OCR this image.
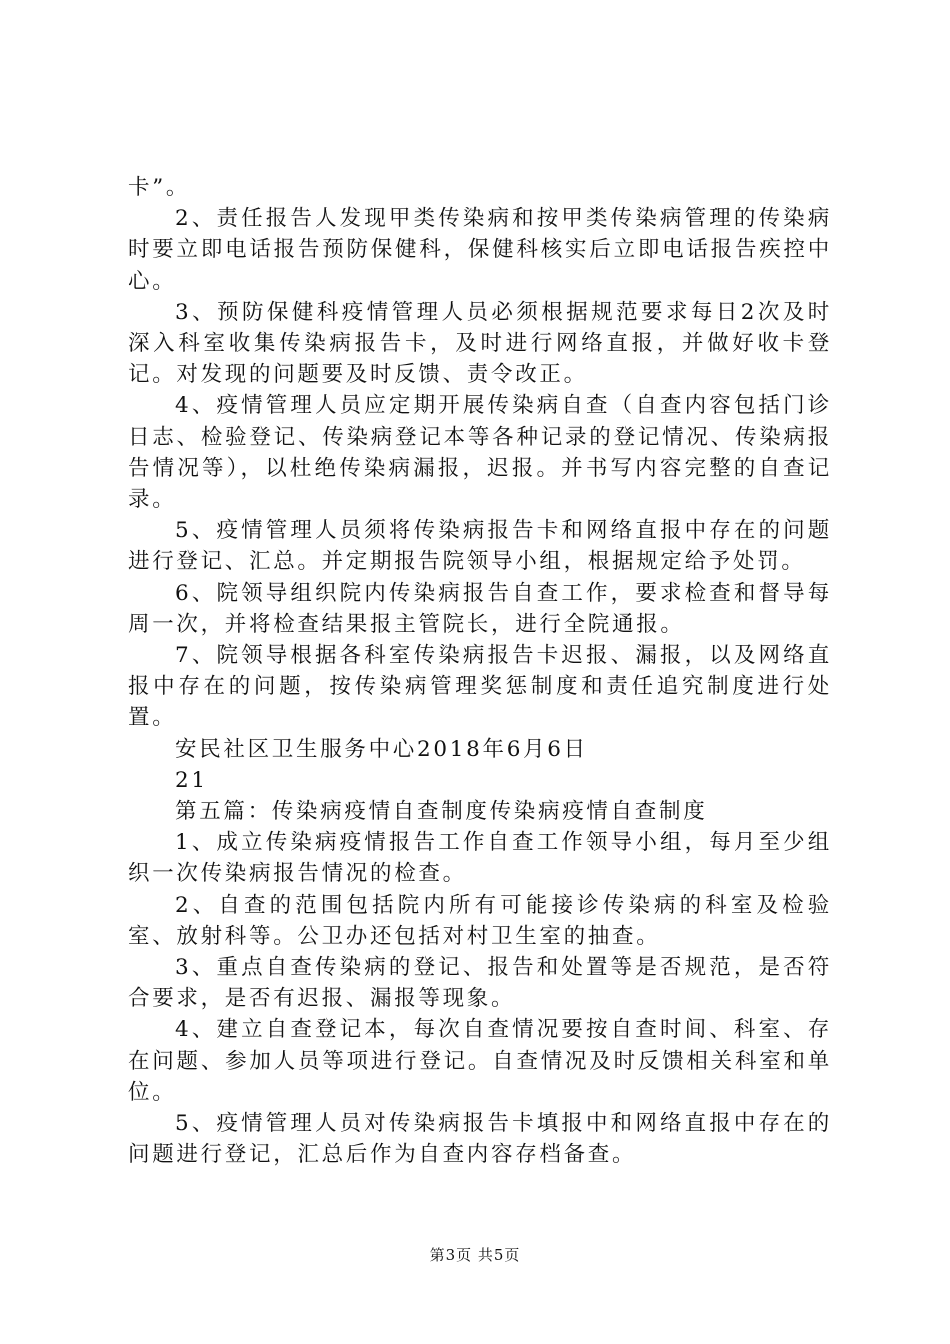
卡”。

2、责任报告人发现甲类传染病和按甲类传染病管理的传染病时要立即电话报告预防保健科，保健科核实后立即电话报告疾控中心。

3、预防保健科疫情管理人员必须根据规范要求每日2次及时深入科室收集传染病报告卡，及时进行网络直报，并做好收卡登记。对发现的问题要及时反馈、责令改正。

4、疫情管理人员应定期开展传染病自查（自查内容包括门诊日志、检验登记、传染病登记本等各种记录的登记情况、传染病报告情况等），以杜绝传染病漏报，迟报。并书写内容完整的自查记录。

5、疫情管理人员须将传染病报告卡和网络直报中存在的问题进行登记、汇总。并定期报告院领导小组，根据规定给予处罚。

6、院领导组织院内传染病报告自查工作，要求检查和督导每周一次，并将检查结果报主管院长，进行全院通报。

7、院领导根据各科室传染病报告卡迟报、漏报，以及网络直报中存在的问题，按传染病管理奖惩制度和责任追究制度进行处置。

安民社区卫生服务中心2018年6月6日

21

第五篇：传染病疫情自查制度传染病疫情自查制度

1、成立传染病疫情报告工作自查工作领导小组，每月至少组织一次传染病报告情况的检查。

2、自查的范围包括院内所有可能接诊传染病的科室及检验室、放射科等。公卫办还包括对村卫生室的抽查。

3、重点自查传染病的登记、报告和处置等是否规范，是否符合要求，是否有迟报、漏报等现象。

4、建立自查登记本，每次自查情况要按自查时间、科室、存在问题、参加人员等项进行登记。自查情况及时反馈相关科室和单位。

5、疫情管理人员对传染病报告卡填报中和网络直报中存在的问题进行登记，汇总后作为自查内容存档备查。

第3页 共5页
